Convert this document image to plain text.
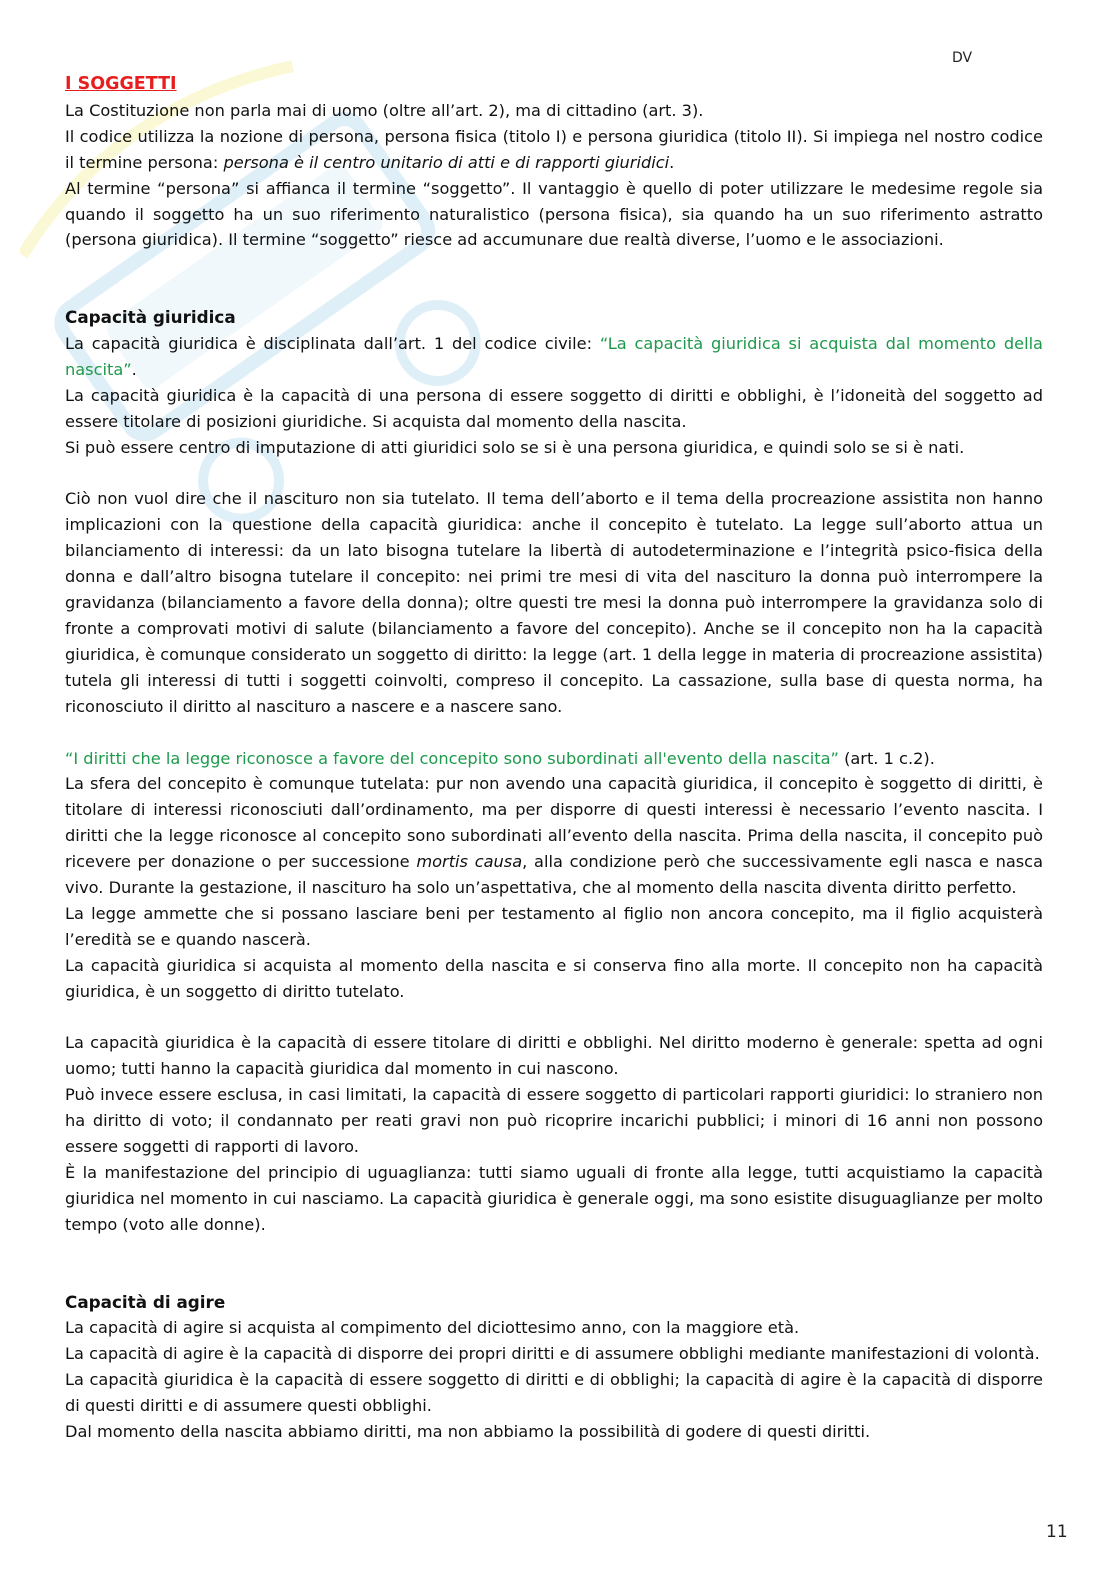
DV

I SOGGETTI

La Costituzione non parla mai di uomo (oltre all’art. 2), ma di cittadino (art. 3).

Il codice utilizza la nozione di persona, persona fisica (titolo I) e persona giuridica (titolo II). Si impiega nel nostro codice il termine persona: persona è il centro unitario di atti e di rapporti giuridici.

Al termine “persona” si affianca il termine “soggetto”. Il vantaggio è quello di poter utilizzare le medesime regole sia quando il soggetto ha un suo riferimento naturalistico (persona fisica), sia quando ha un suo riferimento astratto (persona giuridica). Il termine “soggetto” riesce ad accumunare due realtà diverse, l’uomo e le associazioni.

Capacità giuridica

La capacità giuridica è disciplinata dall’art. 1 del codice civile: “La capacità giuridica si acquista dal momento della nascita”.

La capacità giuridica è la capacità di una persona di essere soggetto di diritti e obblighi, è l’idoneità del soggetto ad essere titolare di posizioni giuridiche. Si acquista dal momento della nascita.

Si può essere centro di imputazione di atti giuridici solo se si è una persona giuridica, e quindi solo se si è nati.

Ciò non vuol dire che il nascituro non sia tutelato. Il tema dell’aborto e il tema della procreazione assistita non hanno implicazioni con la questione della capacità giuridica: anche il concepito è tutelato. La legge sull’aborto attua un bilanciamento di interessi: da un lato bisogna tutelare la libertà di autodeterminazione e l’integrità psico-fisica della donna e dall’altro bisogna tutelare il concepito: nei primi tre mesi di vita del nascituro la donna può interrompere la gravidanza (bilanciamento a favore della donna); oltre questi tre mesi la donna può interrompere la gravidanza solo di fronte a comprovati motivi di salute (bilanciamento a favore del concepito). Anche se il concepito non ha la capacità giuridica, è comunque considerato un soggetto di diritto: la legge (art. 1 della legge in materia di procreazione assistita) tutela gli interessi di tutti i soggetti coinvolti, compreso il concepito. La cassazione, sulla base di questa norma, ha riconosciuto il diritto al nascituro a nascere e a nascere sano.

“I diritti che la legge riconosce a favore del concepito sono subordinati all'evento della nascita” (art. 1 c.2).

La sfera del concepito è comunque tutelata: pur non avendo una capacità giuridica, il concepito è soggetto di diritti, è titolare di interessi riconosciuti dall’ordinamento, ma per disporre di questi interessi è necessario l’evento nascita. I diritti che la legge riconosce al concepito sono subordinati all’evento della nascita. Prima della nascita, il concepito può ricevere per donazione o per successione mortis causa, alla condizione però che successivamente egli nasca e nasca vivo. Durante la gestazione, il nascituro ha solo un’aspettativa, che al momento della nascita diventa diritto perfetto.

La legge ammette che si possano lasciare beni per testamento al figlio non ancora concepito, ma il figlio acquisterà l’eredità se e quando nascerà.

La capacità giuridica si acquista al momento della nascita e si conserva fino alla morte. Il concepito non ha capacità giuridica, è un soggetto di diritto tutelato.

La capacità giuridica è la capacità di essere titolare di diritti e obblighi. Nel diritto moderno è generale: spetta ad ogni uomo; tutti hanno la capacità giuridica dal momento in cui nascono.

Può invece essere esclusa, in casi limitati, la capacità di essere soggetto di particolari rapporti giuridici: lo straniero non ha diritto di voto; il condannato per reati gravi non può ricoprire incarichi pubblici; i minori di 16 anni non possono essere soggetti di rapporti di lavoro.

È la manifestazione del principio di uguaglianza: tutti siamo uguali di fronte alla legge, tutti acquistiamo la capacità giuridica nel momento in cui nasciamo. La capacità giuridica è generale oggi, ma sono esistite disuguaglianze per molto tempo (voto alle donne).

Capacità di agire

La capacità di agire si acquista al compimento del diciottesimo anno, con la maggiore età.

La capacità di agire è la capacità di disporre dei propri diritti e di assumere obblighi mediante manifestazioni di volontà.

La capacità giuridica è la capacità di essere soggetto di diritti e di obblighi; la capacità di agire è la capacità di disporre di questi diritti e di assumere questi obblighi.

Dal momento della nascita abbiamo diritti, ma non abbiamo la possibilità di godere di questi diritti.

11
